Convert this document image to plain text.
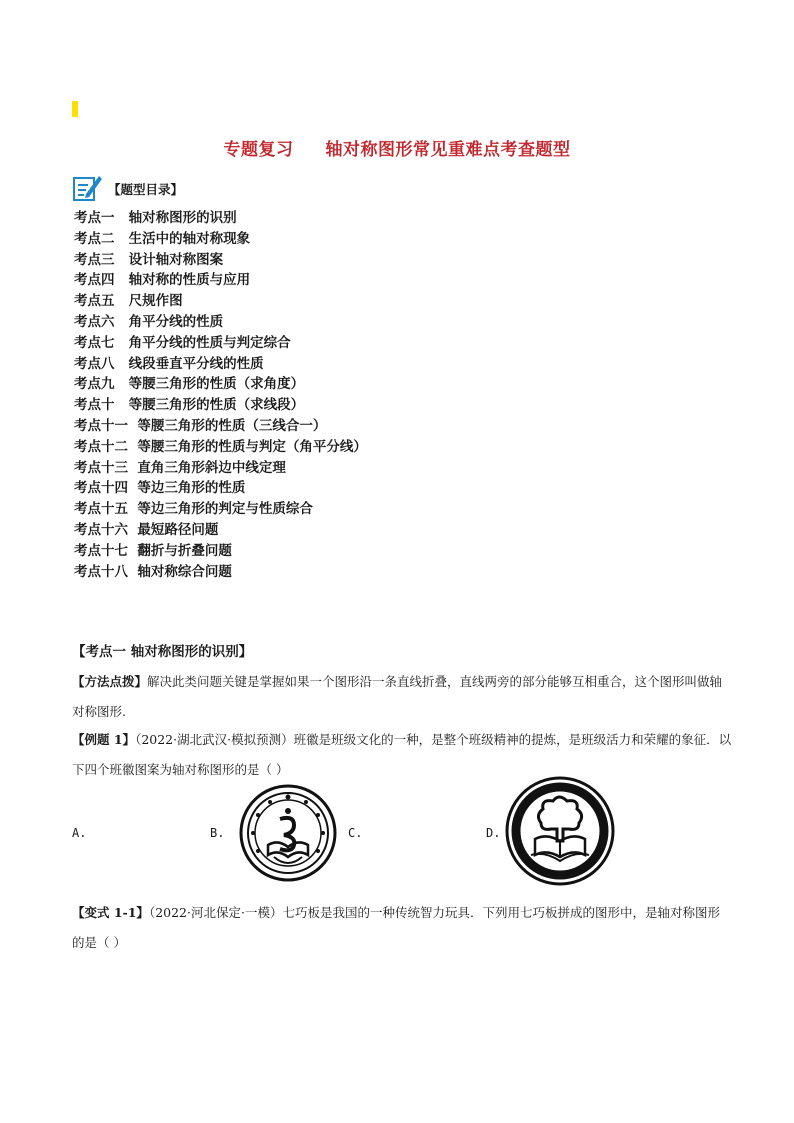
专题复习     轴对称图形常见重难点考查题型
【题型目录】
考点一   轴对称图形的识别
考点二   生活中的轴对称现象
考点三   设计轴对称图案
考点四   轴对称的性质与应用
考点五   尺规作图
考点六   角平分线的性质
考点七   角平分线的性质与判定综合
考点八   线段垂直平分线的性质
考点九   等腰三角形的性质（求角度）
考点十   等腰三角形的性质（求线段）
考点十一  等腰三角形的性质（三线合一）
考点十二  等腰三角形的性质与判定（角平分线）
考点十三  直角三角形斜边中线定理
考点十四  等边三角形的性质
考点十五  等边三角形的判定与性质综合
考点十六  最短路径问题
考点十七  翻折与折叠问题
考点十八  轴对称综合问题
【考点一 轴对称图形的识别】
【方法点拨】解决此类问题关键是掌握如果一个图形沿一条直线折叠，直线两旁的部分能够互相重合，这个图形叫做轴对称图形.
【例题 1】（2022·湖北武汉·模拟预测）班徽是班级文化的一种，是整个班级精神的提炼，是班级活力和荣耀的象征．以下四个班徽图案为轴对称图形的是（ ）
A.	B.	C.	D.
【变式 1-1】（2022·河北保定·一模）七巧板是我国的一种传统智力玩具．下列用七巧板拼成的图形中，是轴对称图形的是（ ）
